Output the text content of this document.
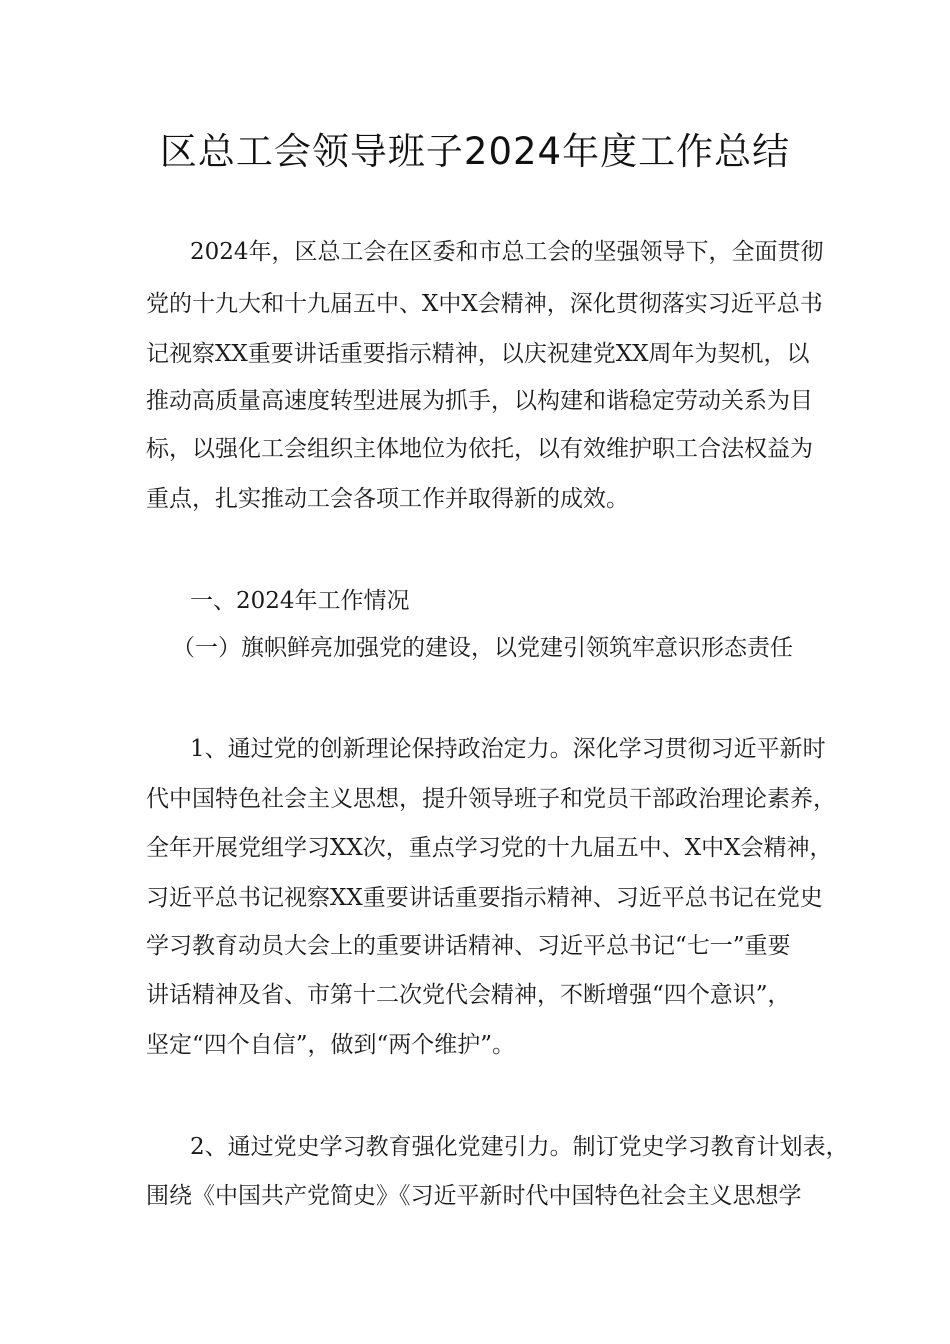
区总工会领导班子2024年度工作总结

2024年，区总工会在区委和市总工会的坚强领导下，全面贯彻

党的十九大和十九届五中、X中X会精神，深化贯彻落实习近平总书

记视察XX重要讲话重要指示精神，以庆祝建党XX周年为契机，以

推动高质量高速度转型进展为抓手，以构建和谐稳定劳动关系为目

标，以强化工会组织主体地位为依托，以有效维护职工合法权益为

重点，扎实推动工会各项工作并取得新的成效。

一、2024年工作情况

（一）旗帜鲜亮加强党的建设，以党建引领筑牢意识形态责任

1、通过党的创新理论保持政治定力。深化学习贯彻习近平新时

代中国特色社会主义思想，提升领导班子和党员干部政治理论素养，

全年开展党组学习XX次，重点学习党的十九届五中、X中X会精神，

习近平总书记视察XX重要讲话重要指示精神、习近平总书记在党史

学习教育动员大会上的重要讲话精神、习近平总书记“七一”重要

讲话精神及省、市第十二次党代会精神，不断增强“四个意识”，

坚定“四个自信”，做到“两个维护”。

2、通过党史学习教育强化党建引力。制订党史学习教育计划表，

围绕《中国共产党简史》《习近平新时代中国特色社会主义思想学
